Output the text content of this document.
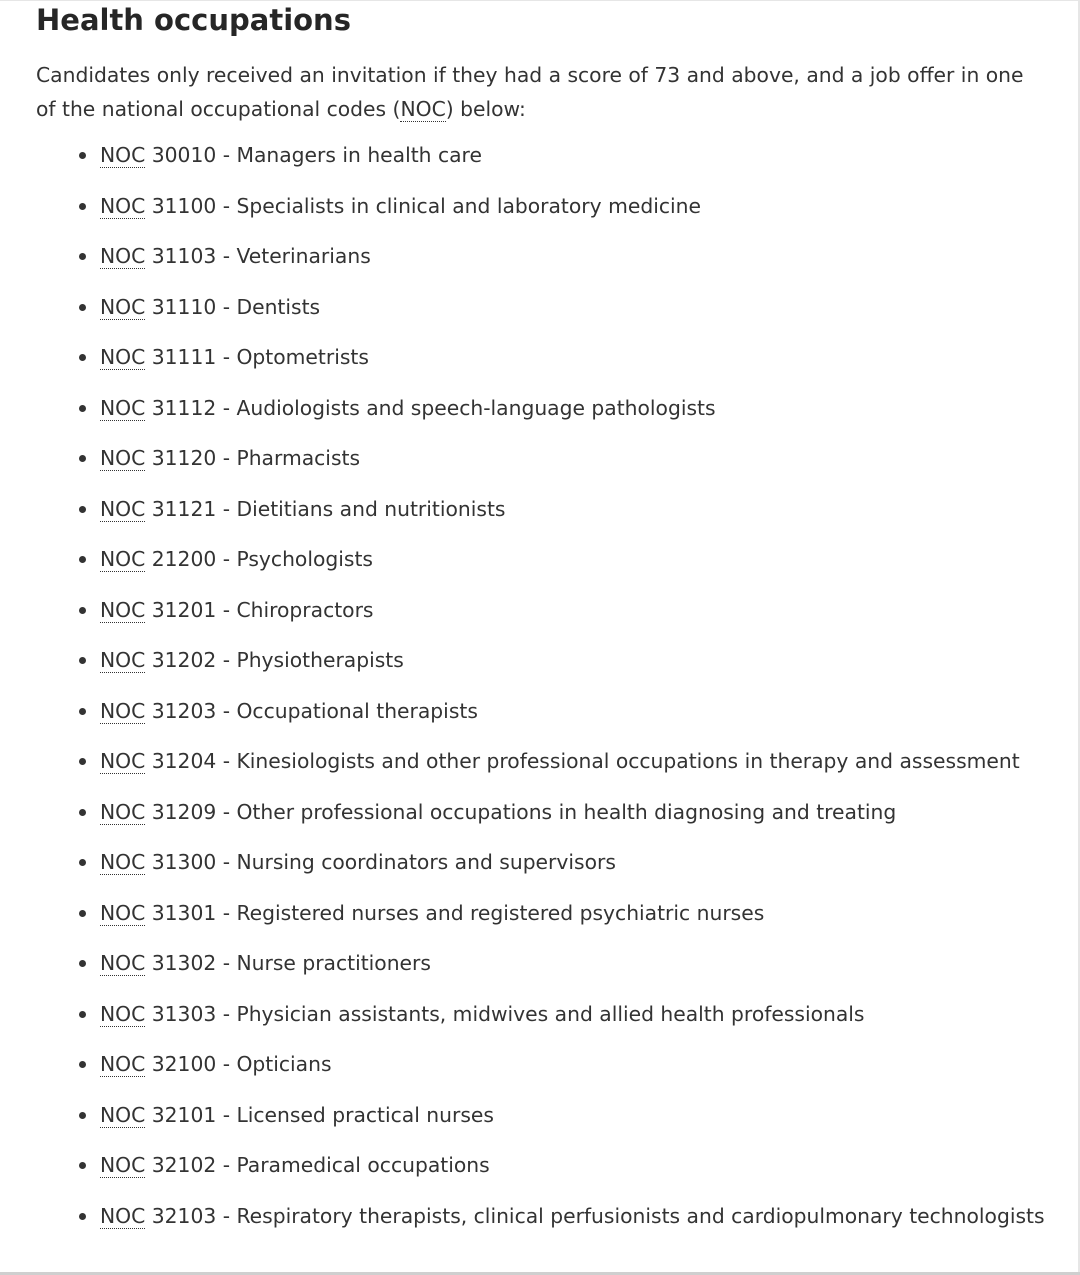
Health occupations

Candidates only received an invitation if they had a score of 73 and above, and a job offer in one of the national occupational codes (NOC) below:

NOC 30010 - Managers in health care
NOC 31100 - Specialists in clinical and laboratory medicine
NOC 31103 - Veterinarians
NOC 31110 - Dentists
NOC 31111 - Optometrists
NOC 31112 - Audiologists and speech-language pathologists
NOC 31120 - Pharmacists
NOC 31121 - Dietitians and nutritionists
NOC 21200 - Psychologists
NOC 31201 - Chiropractors
NOC 31202 - Physiotherapists
NOC 31203 - Occupational therapists
NOC 31204 - Kinesiologists and other professional occupations in therapy and assessment
NOC 31209 - Other professional occupations in health diagnosing and treating
NOC 31300 - Nursing coordinators and supervisors
NOC 31301 - Registered nurses and registered psychiatric nurses
NOC 31302 - Nurse practitioners
NOC 31303 - Physician assistants, midwives and allied health professionals
NOC 32100 - Opticians
NOC 32101 - Licensed practical nurses
NOC 32102 - Paramedical occupations
NOC 32103 - Respiratory therapists, clinical perfusionists and cardiopulmonary technologists
